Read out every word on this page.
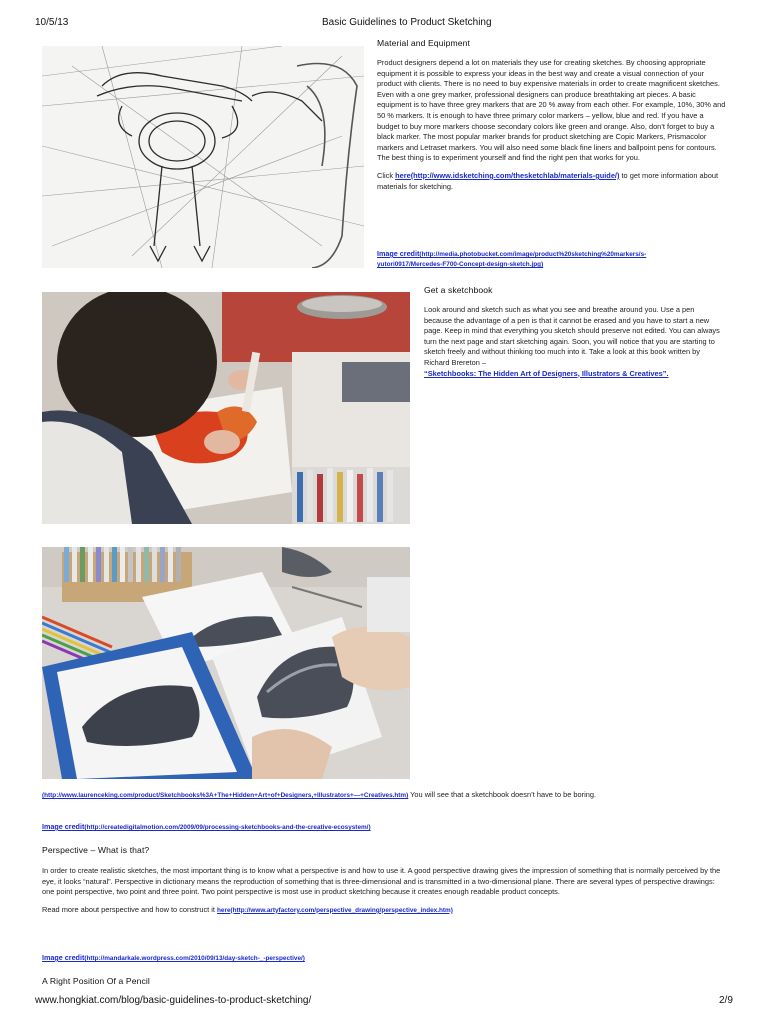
10/5/13	Basic Guidelines to Product Sketching
Material and Equipment

Product designers depend a lot on materials they use for creating sketches. By choosing appropriate equipment it is possible to express your ideas in the best way and create a visual connection of your product with clients. There is no need to buy expensive materials in order to create magnificent sketches. Even with a one grey marker, professional designers can produce breathtaking art pieces. A basic equipment is to have three grey markers that are 20 % away from each other. For example, 10%, 30% and 50 % markers. It is enough to have three primary color markers – yellow, blue and red. If you have a budget to buy more markers choose secondary colors like green and orange. Also, don’t forget to buy a black marker. The most popular marker brands for product sketching are Copic Markers, Prismacolor markers and Letraset markers. You will also need some black fine liners and ballpoint pens for contours. The best thing is to experiment yourself and find the right pen that works for you.

Click here(http://www.idsketching.com/thesketchlab/materials-guide/) to get more information about materials for sketching.

Image credit(http://media.photobucket.com/image/product%20sketching%20markers/s-yutori0917/Mercedes-F700-Concept-design-sketch.jpg)
Get a sketchbook

Look around and sketch such as what you see and breathe around you. Use a pen because the advantage of a pen is that it cannot be erased and you have to start a new page. Keep in mind that everything you sketch should preserve not edited. You can always turn the next page and start sketching again. Soon, you will notice that you are starting to sketch freely and without thinking too much into it. Take a look at this book written by Richard Brereton –

“Sketchbooks: The Hidden Art of Designers, Illustrators & Creatives”.
(http://www.laurenceking.com/product/Sketchbooks%3A+The+Hidden+Art+of+Designers,+Illustrators+—+Creatives.htm) You will see that a sketchbook doesn’t have to be boring.
Image credit(http://createdigitalmotion.com/2009/09/processing-sketchbooks-and-the-creative-ecosystem/)
Perspective – What is that?

In order to create realistic sketches, the most important thing is to know what a perspective is and how to use it. A good perspective drawing gives the impression of something that is normally perceived by the eye, it looks “natural”. Perspective in dictionary means the reproduction of something that is three-dimensional and is transmitted in a two-dimensional plane. There are several types of perspective drawings: one point perspective, two point and three point. Two point perspective is most use in product sketching because it creates enough readable product concepts.

Read more about perspective and how to construct it here(http://www.artyfactory.com/perspective_drawing/perspective_index.htm)

Image credit(http://mandarkale.wordpress.com/2010/09/13/day-sketch-_-perspective/)
A Right Position Of a Pencil
www.hongkiat.com/blog/basic-guidelines-to-product-sketching/	2/9
